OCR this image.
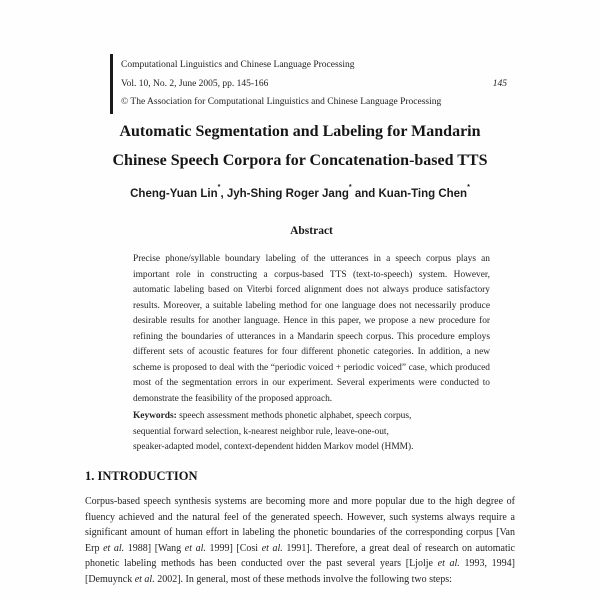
Computational Linguistics and Chinese Language Processing
Vol. 10, No. 2, June 2005, pp. 145-166	145
© The Association for Computational Linguistics and Chinese Language Processing
Automatic Segmentation and Labeling for Mandarin
Chinese Speech Corpora for Concatenation-based TTS
Cheng-Yuan Lin*, Jyh-Shing Roger Jang* and Kuan-Ting Chen*
Abstract

Precise phone/syllable boundary labeling of the utterances in a speech corpus plays an important role in constructing a corpus-based TTS (text-to-speech) system. However, automatic labeling based on Viterbi forced alignment does not always produce satisfactory results. Moreover, a suitable labeling method for one language does not necessarily produce desirable results for another language. Hence in this paper, we propose a new procedure for refining the boundaries of utterances in a Mandarin speech corpus. This procedure employs different sets of acoustic features for four different phonetic categories. In addition, a new scheme is proposed to deal with the “periodic voiced + periodic voiced” case, which produced most of the segmentation errors in our experiment. Several experiments were conducted to demonstrate the feasibility of the proposed approach.

Keywords: speech assessment methods phonetic alphabet, speech corpus,
sequential forward selection, k-nearest neighbor rule, leave-one-out,
speaker-adapted model, context-dependent hidden Markov model (HMM).

1. INTRODUCTION

Corpus-based speech synthesis systems are becoming more and more popular due to the high degree of fluency achieved and the natural feel of the generated speech. However, such systems always require a significant amount of human effort in labeling the phonetic boundaries of the corresponding corpus [Van Erp et al. 1988] [Wang et al. 1999] [Cosi et al. 1991]. Therefore, a great deal of research on automatic phonetic labeling methods has been conducted over the past several years [Ljolje et al. 1993, 1994] [Demuynck et al. 2002]. In general, most of these methods involve the following two steps:
